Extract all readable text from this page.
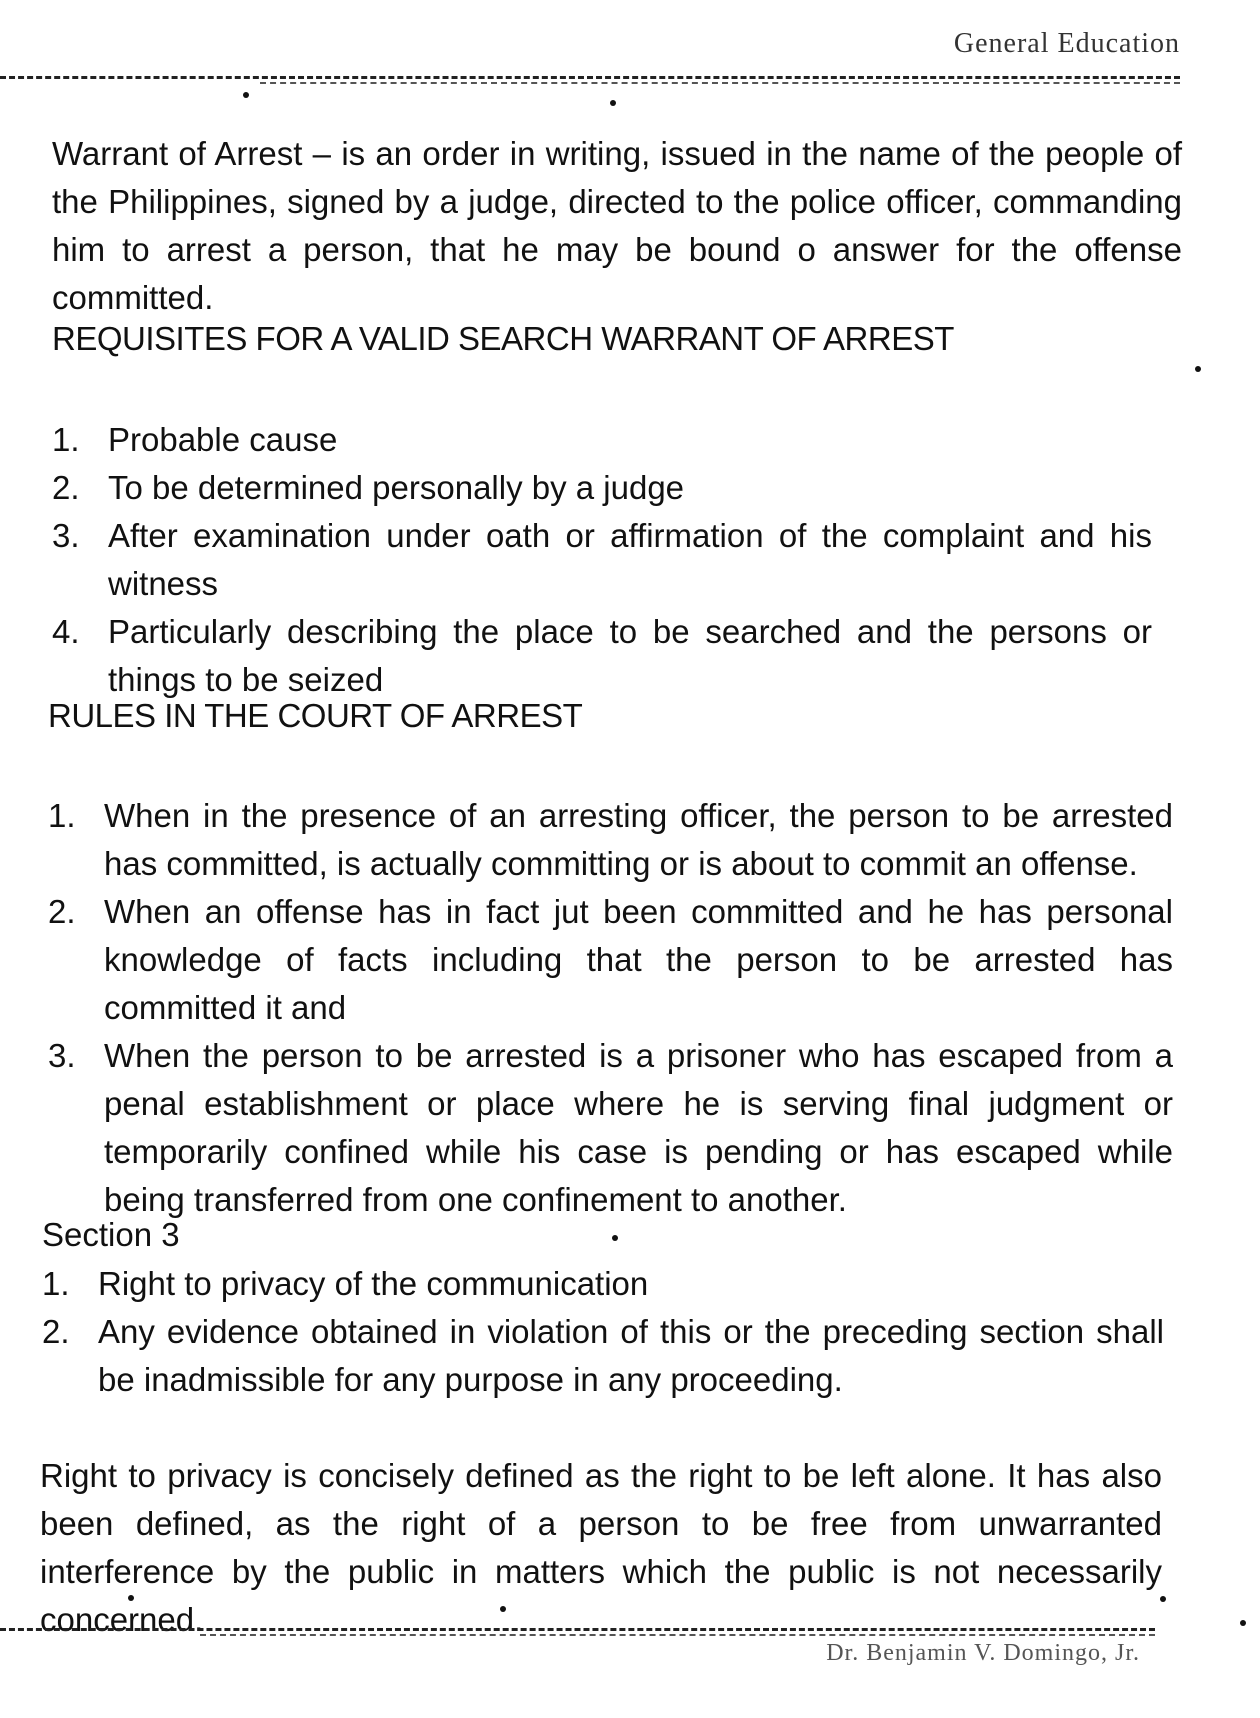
General Education
Warrant of Arrest – is an order in writing, issued in the name of the people of the Philippines, signed by a judge, directed to the police officer, commanding him to arrest a person, that he may be bound o answer for the offense committed.
REQUISITES FOR A VALID SEARCH WARRANT OF ARREST
1. Probable cause
2. To be determined personally by a judge
3. After examination under oath or affirmation of the complaint and his witness
4. Particularly describing the place to be searched and the persons or things to be seized
RULES IN THE COURT OF ARREST
1. When in the presence of an arresting officer, the person to be arrested has committed, is actually committing or is about to commit an offense.
2. When an offense has in fact jut been committed and he has personal knowledge of facts including that the person to be arrested has committed it and
3. When the person to be arrested is a prisoner who has escaped from a penal establishment or place where he is serving final judgment or temporarily confined while his case is pending or has escaped while being transferred from one confinement to another.
Section 3
1. Right to privacy of the communication
2. Any evidence obtained in violation of this or the preceding section shall be inadmissible for any purpose in any proceeding.
Right to privacy is concisely defined as the right to be left alone. It has also been defined, as the right of a person to be free from unwarranted interference by the public in matters which the public is not necessarily concerned.
Dr. Benjamin V. Domingo, Jr.
